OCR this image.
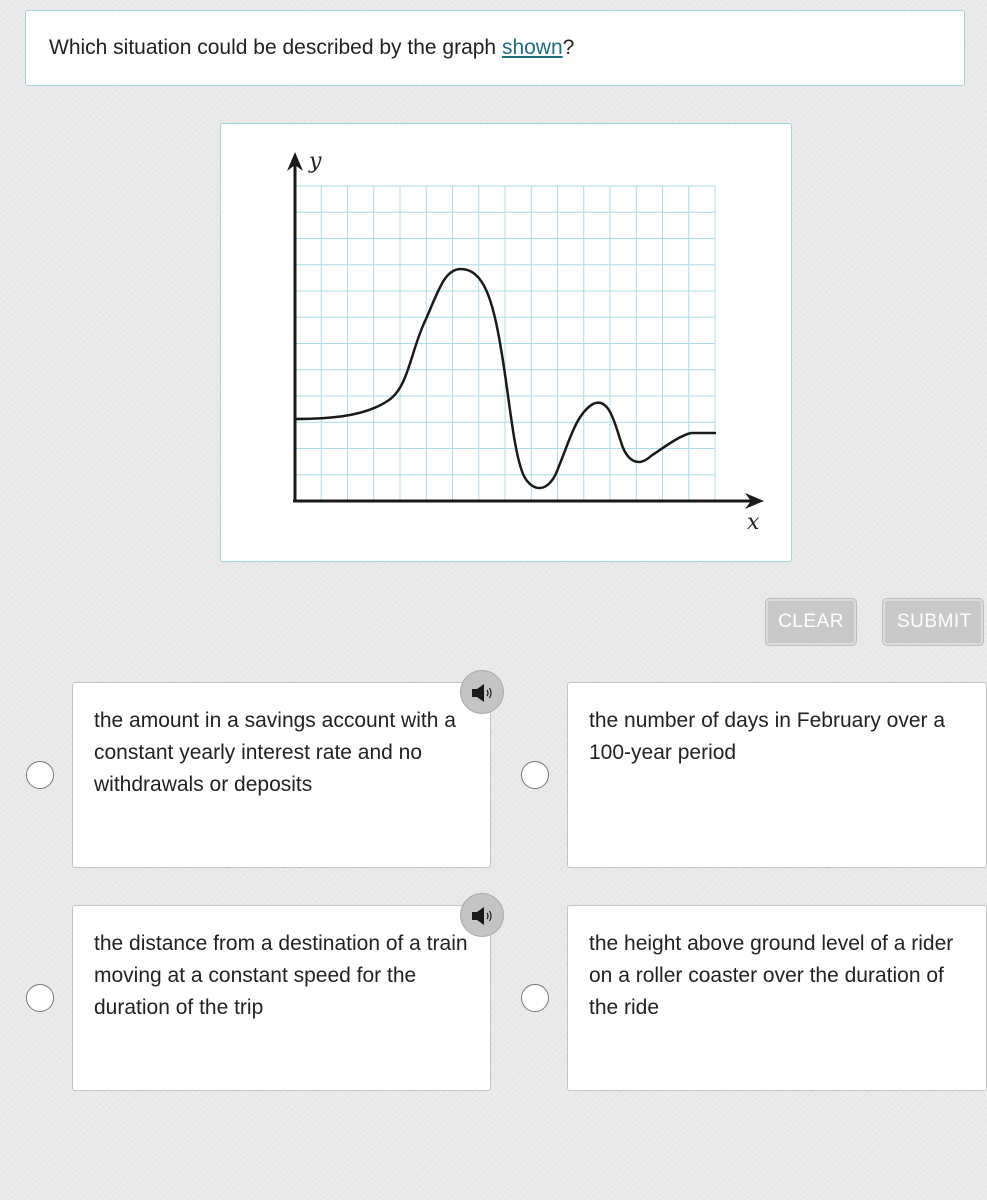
Which situation could be described by the graph shown?
y
x
CLEAR	SUBMIT
the amount in a savings account with a constant yearly interest rate and no withdrawals or deposits
the number of days in February over a 100-year period
the distance from a destination of a train moving at a constant speed for the duration of the trip
the height above ground level of a rider on a roller coaster over the duration of the ride
